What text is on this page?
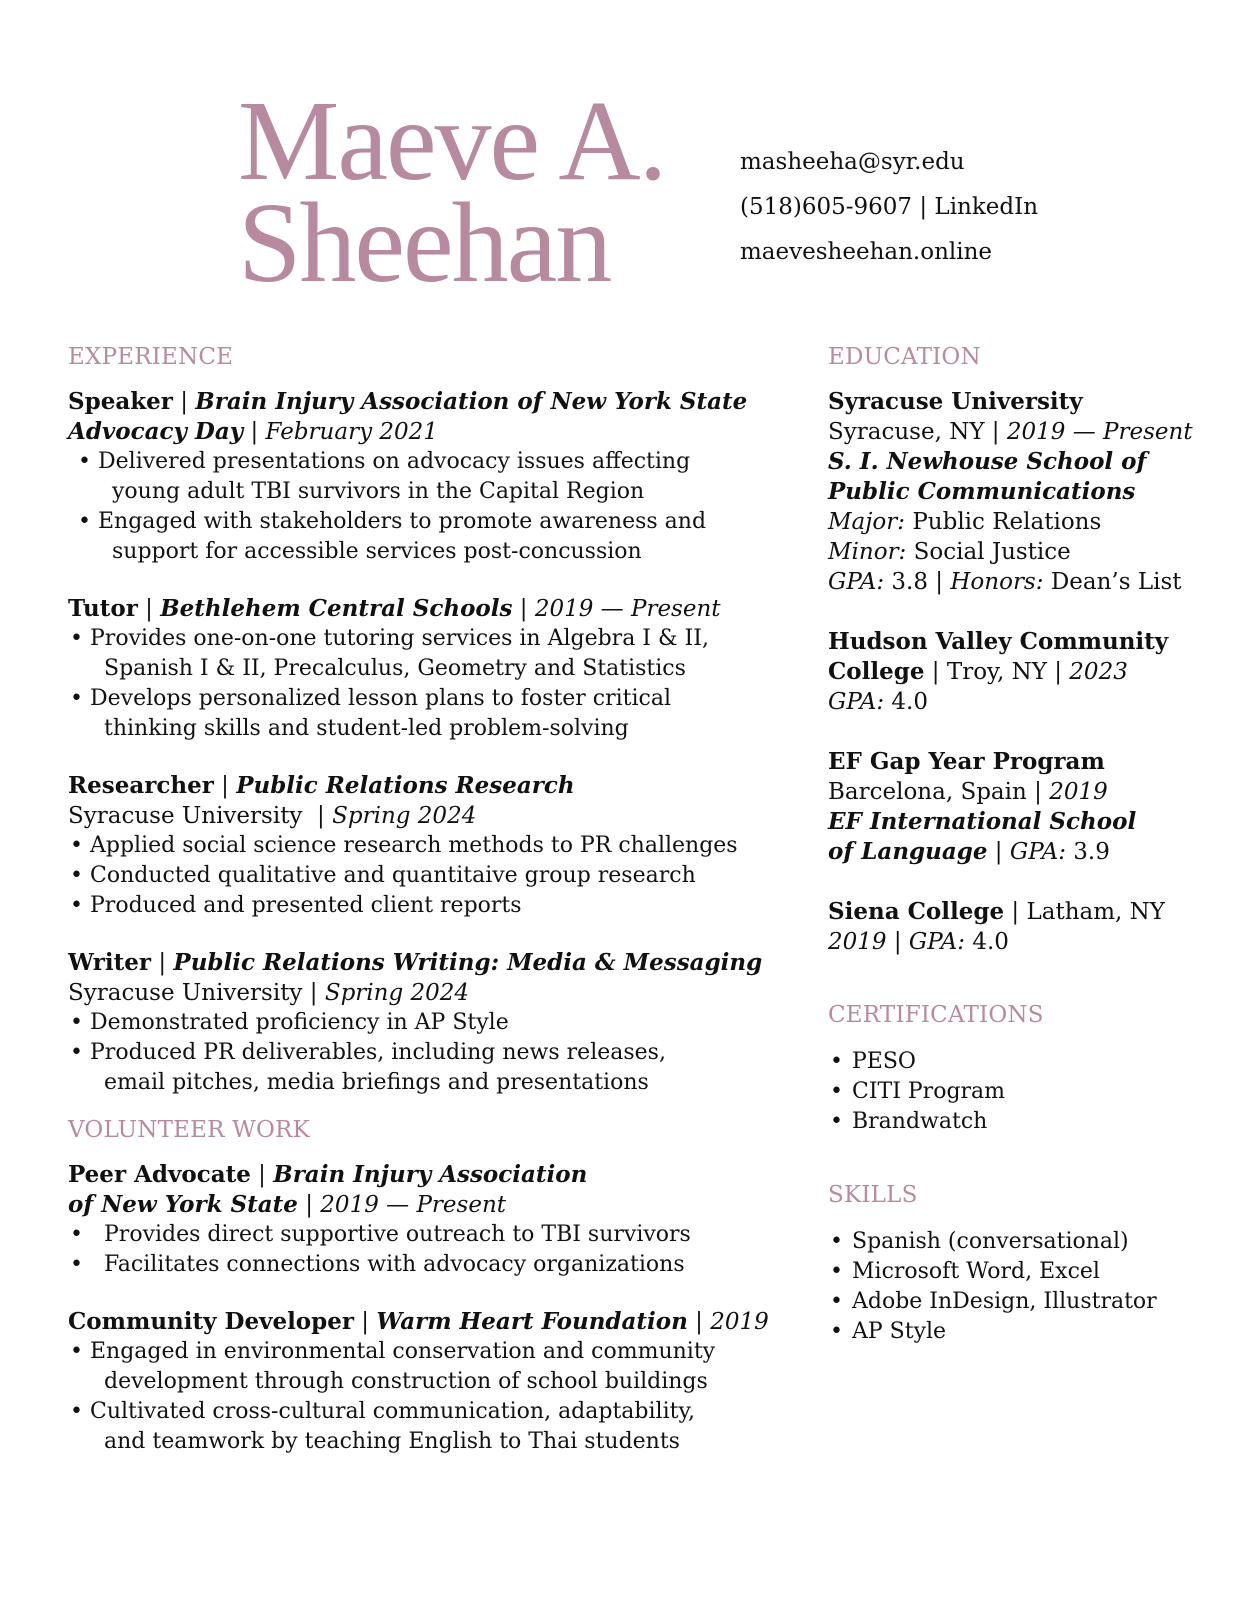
Maeve A.
Sheehan
masheeha@syr.edu
(518)605-9607 | LinkedIn
maevesheehan.online
EXPERIENCE
Speaker | Brain Injury Association of New York State
Advocacy Day | February 2021
• Delivered presentations on advocacy issues affecting
young adult TBI survivors in the Capital Region
• Engaged with stakeholders to promote awareness and
support for accessible services post-concussion
Tutor | Bethlehem Central Schools | 2019 — Present
• Provides one-on-one tutoring services in Algebra I & II,
Spanish I & II, Precalculus, Geometry and Statistics
• Develops personalized lesson plans to foster critical
thinking skills and student-led problem-solving
Researcher | Public Relations Research
Syracuse University  | Spring 2024
• Applied social science research methods to PR challenges
• Conducted qualitative and quantitaive group research
• Produced and presented client reports
Writer | Public Relations Writing: Media & Messaging
Syracuse University | Spring 2024
• Demonstrated proficiency in AP Style
• Produced PR deliverables, including news releases,
email pitches, media briefings and presentations
VOLUNTEER WORK
Peer Advocate | Brain Injury Association
of New York State | 2019 — Present
• Provides direct supportive outreach to TBI survivors
• Facilitates connections with advocacy organizations
Community Developer | Warm Heart Foundation | 2019
• Engaged in environmental conservation and community
development through construction of school buildings
• Cultivated cross-cultural communication, adaptability,
and teamwork by teaching English to Thai students
EDUCATION
Syracuse University
Syracuse, NY | 2019 — Present
S. I. Newhouse School of
Public Communications
Major: Public Relations
Minor: Social Justice
GPA: 3.8 | Honors: Dean’s List
Hudson Valley Community
College | Troy, NY | 2023
GPA: 4.0
EF Gap Year Program
Barcelona, Spain | 2019
EF International School
of Language | GPA: 3.9
Siena College | Latham, NY
2019 | GPA: 4.0
CERTIFICATIONS
• PESO
• CITI Program
• Brandwatch
SKILLS
• Spanish (conversational)
• Microsoft Word, Excel
• Adobe InDesign, Illustrator
• AP Style
